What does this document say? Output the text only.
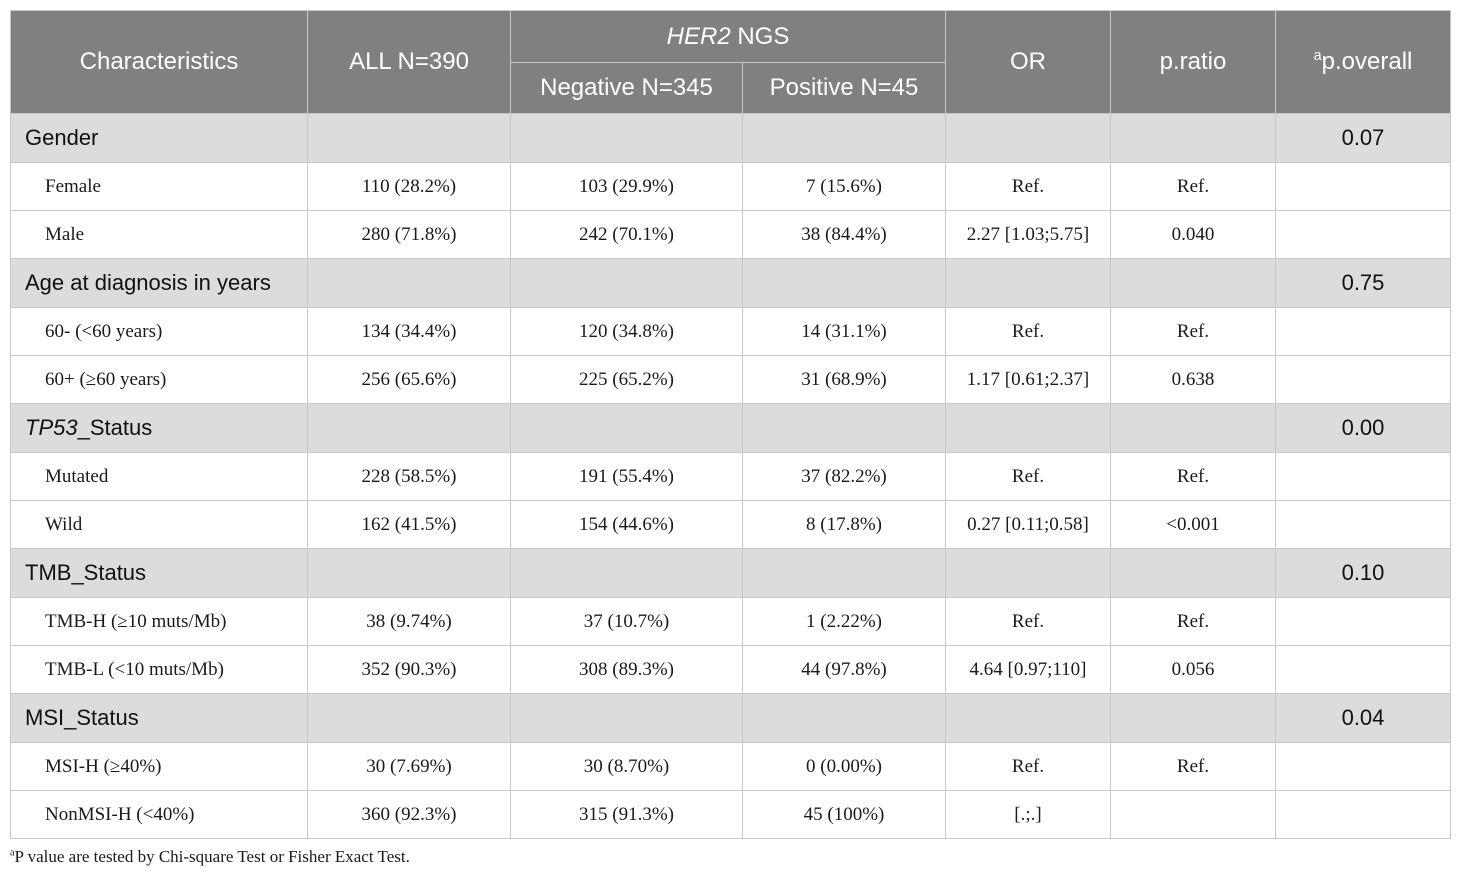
Characteristics	ALL N=390	HER2 NGS		OR	p.ratio	$^a$p.overall
		Negative N=345	Positive N=45			
Gender						0.07
Female	110 (28.2%)	103 (29.9%)	7 (15.6%)	Ref.	Ref.	
Male	280 (71.8%)	242 (70.1%)	38 (84.4%)	2.27 [1.03;5.75]	0.040	
Age at diagnosis in years						0.75
60- (<60 years)	134 (34.4%)	120 (34.8%)	14 (31.1%)	Ref.	Ref.	
60+ (≥60 years)	256 (65.6%)	225 (65.2%)	31 (68.9%)	1.17 [0.61;2.37]	0.638	
TP53_Status						0.00
Mutated	228 (58.5%)	191 (55.4%)	37 (82.2%)	Ref.	Ref.	
Wild	162 (41.5%)	154 (44.6%)	8 (17.8%)	0.27 [0.11;0.58]	<0.001	
TMB_Status						0.10
TMB-H (≥10 muts/Mb)	38 (9.74%)	37 (10.7%)	1 (2.22%)	Ref.	Ref.	
TMB-L (<10 muts/Mb)	352 (90.3%)	308 (89.3%)	44 (97.8%)	4.64 [0.97;110]	0.056	
MSI_Status						0.04
MSI-H (≥40%)	30 (7.69%)	30 (8.70%)	0 (0.00%)	Ref.	Ref.	
NonMSI-H (<40%)	360 (92.3%)	315 (91.3%)	45 (100%)	[.;.]		
$^a$P value are tested by Chi-square Test or Fisher Exact Test.
